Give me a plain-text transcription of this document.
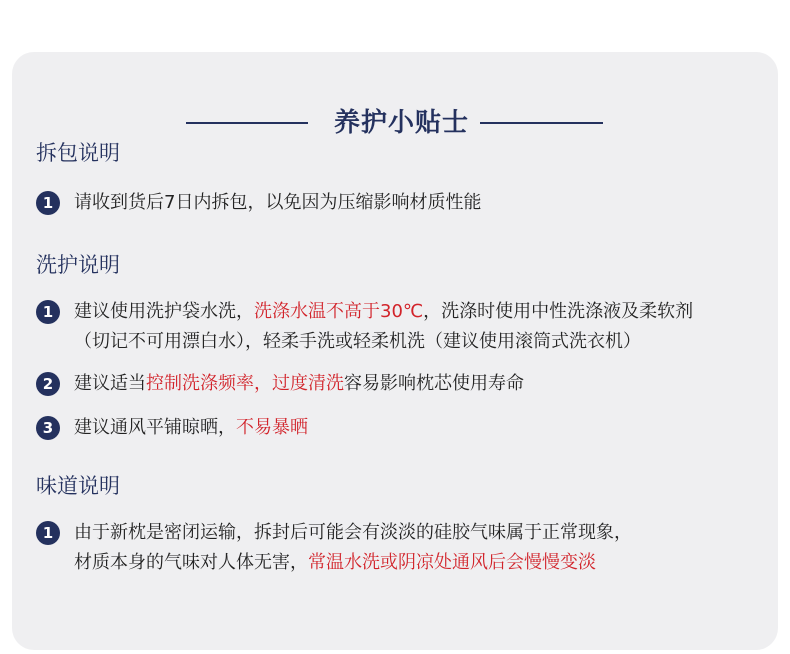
养护小贴士
拆包说明
1	请收到货后7日内拆包，以免因为压缩影响材质性能
洗护说明
1	建议使用洗护袋水洗，洗涤水温不高于30℃，洗涤时使用中性洗涤液及柔软剂
（切记不可用漂白水），轻柔手洗或轻柔机洗（建议使用滚筒式洗衣机）
2	建议适当控制洗涤频率，过度清洗容易影响枕芯使用寿命
3	建议通风平铺晾晒，不易暴晒
味道说明
1	由于新枕是密闭运输，拆封后可能会有淡淡的硅胶气味属于正常现象，
材质本身的气味对人体无害，常温水洗或阴凉处通风后会慢慢变淡
